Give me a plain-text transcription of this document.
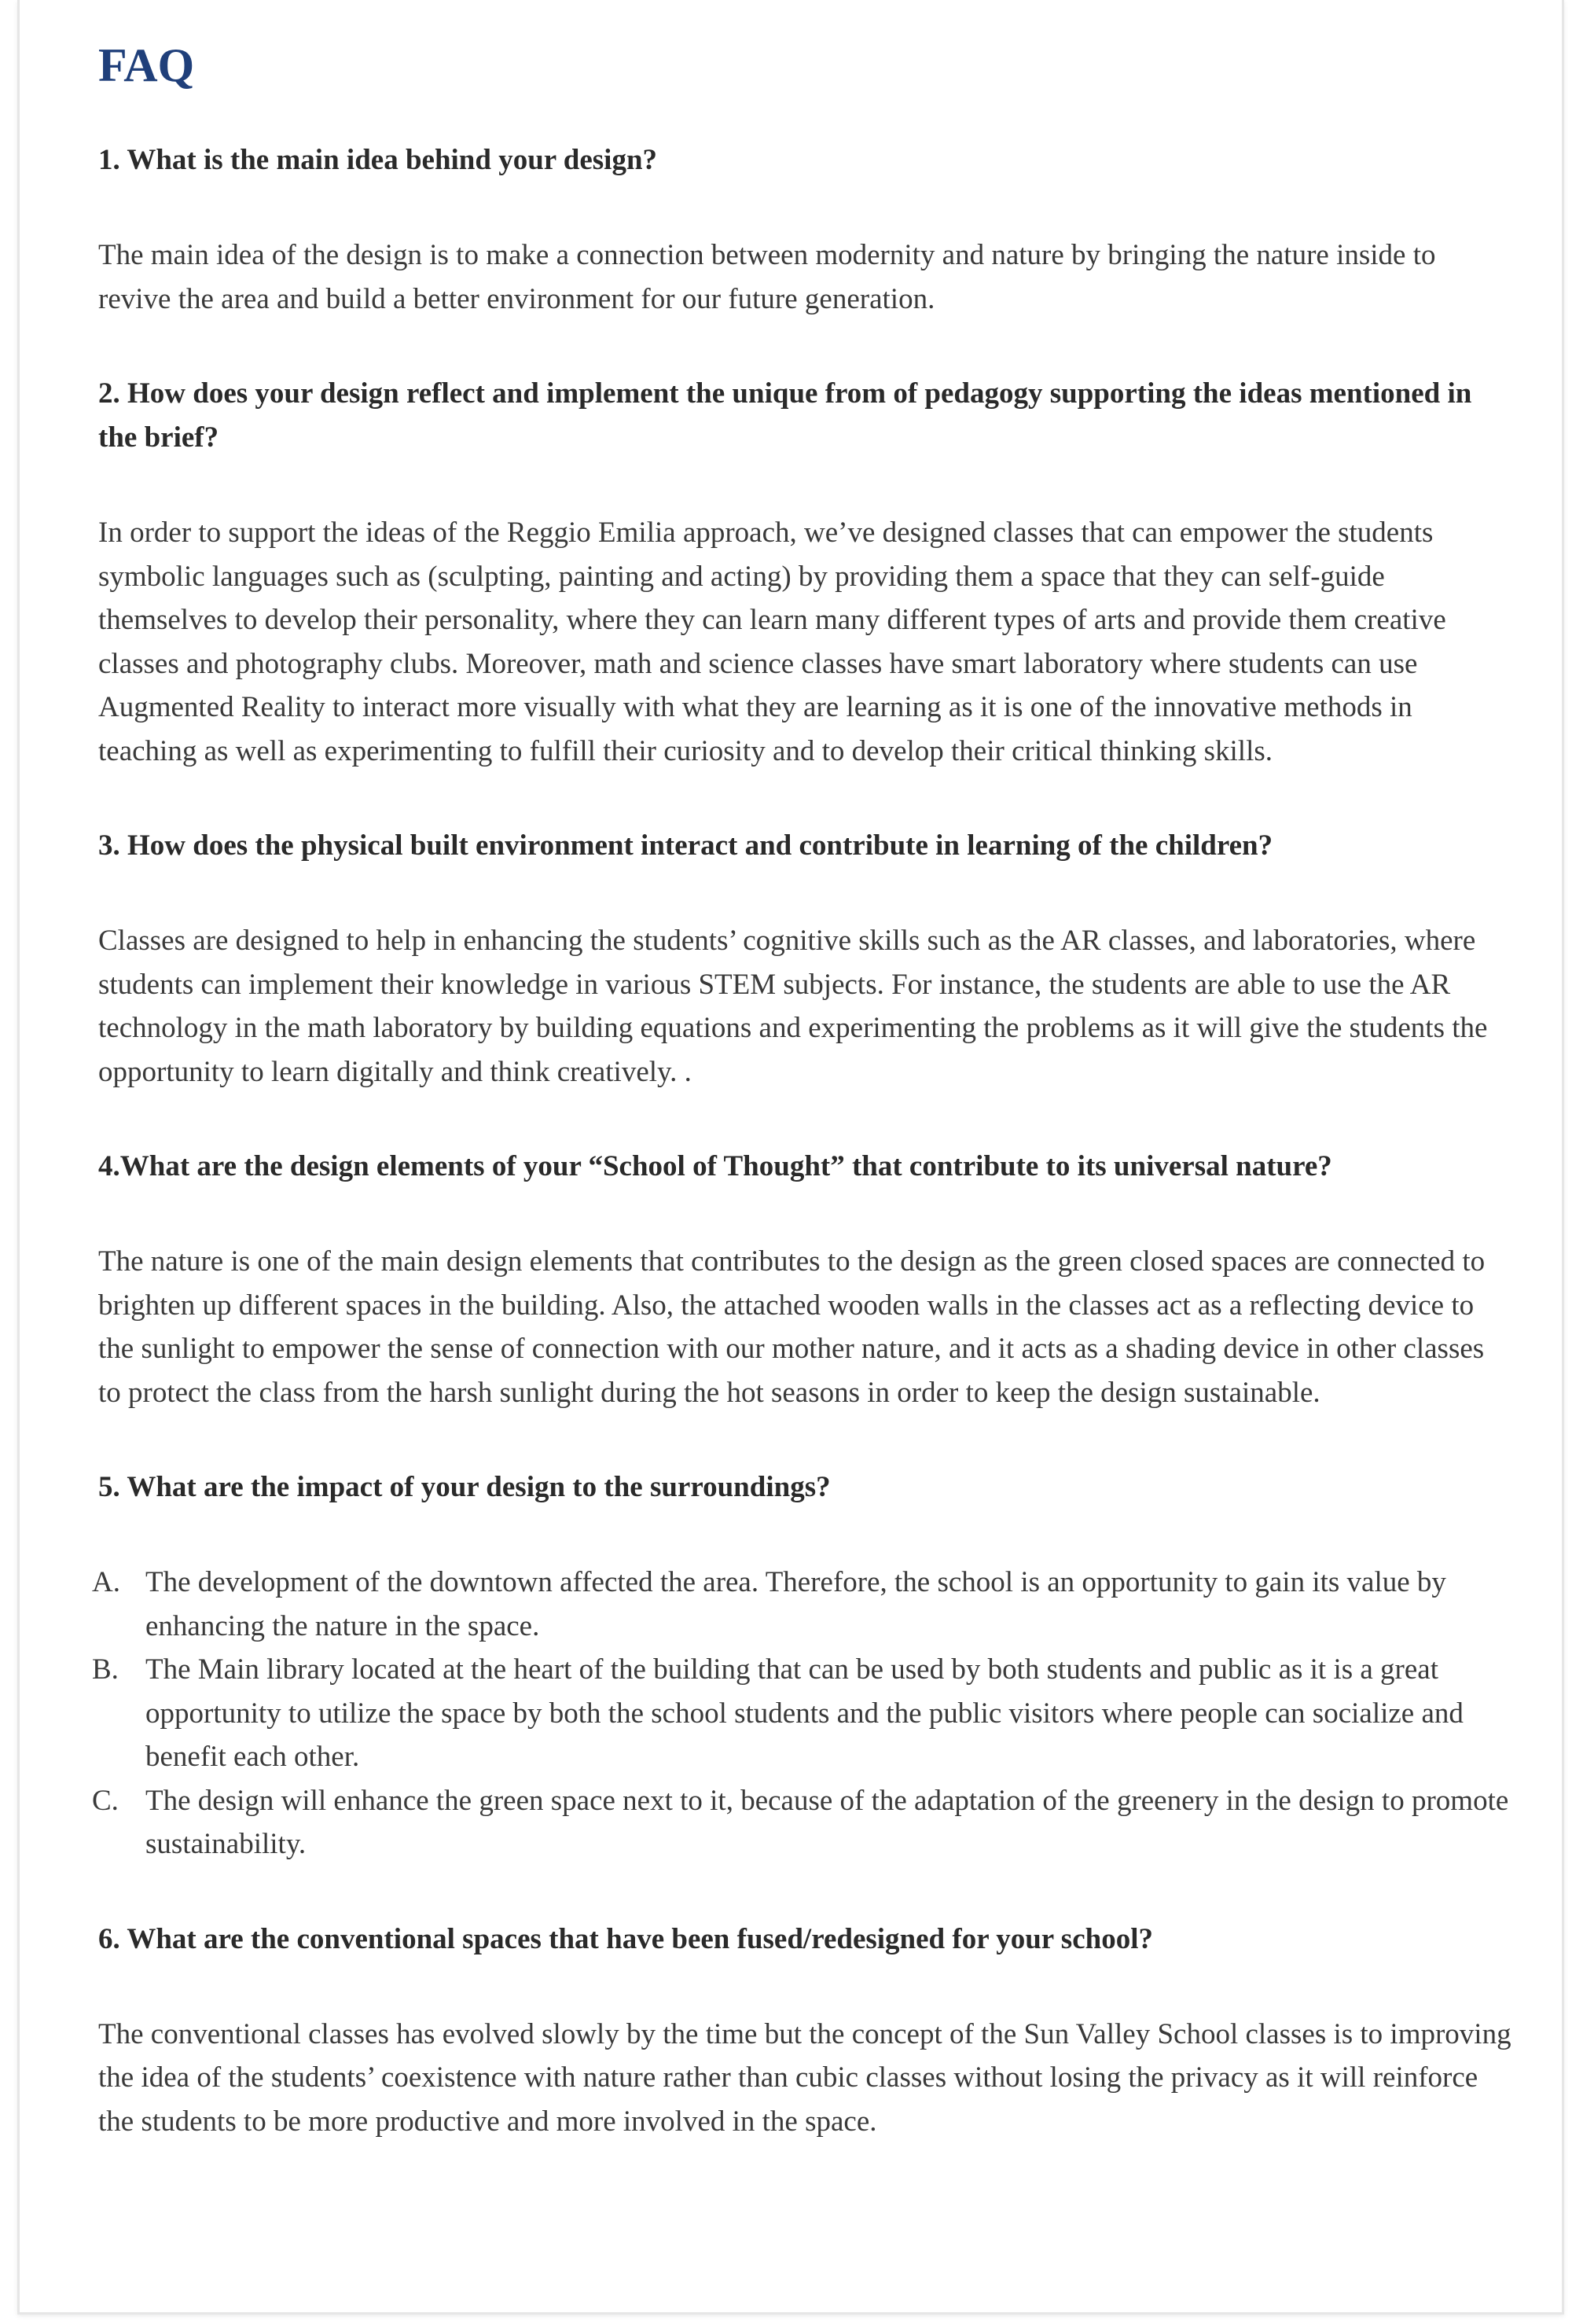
FAQ

1. What is the main idea behind your design?

The main idea of the design is to make a connection between modernity and nature by bringing the nature inside to revive the area and build a better environment for our future generation.

2. How does your design reflect and implement the unique from of pedagogy supporting the ideas mentioned in the brief?

In order to support the ideas of the Reggio Emilia approach, we’ve designed classes that can empower the students symbolic languages such as (sculpting, painting and acting) by providing them a space that they can self-guide themselves to develop their personality, where they can learn many different types of arts and provide them creative classes and photography clubs. Moreover, math and science classes have smart laboratory where students can use Augmented Reality to interact more visually with what they are learning as it is one of the innovative methods in teaching as well as experimenting to fulfill their curiosity and to develop their critical thinking skills.

3. How does the physical built environment interact and contribute in learning of the children?

Classes are designed to help in enhancing the students’ cognitive skills such as the AR classes, and laboratories, where students can implement their knowledge in various STEM subjects. For instance, the students are able to use the AR technology in the math laboratory by building equations and experimenting the problems as it will give the students the opportunity to learn digitally and think creatively. .

4.What are the design elements of your “School of Thought” that contribute to its universal nature?

The nature is one of the main design elements that contributes to the design as the green closed spaces are connected to brighten up different spaces in the building. Also, the attached wooden walls in the classes act as a reflecting device to the sunlight to empower the sense of connection with our mother nature, and it acts as a shading device in other classes to protect the class from the harsh sunlight during the hot seasons in order to keep the design sustainable.

5. What are the impact of your design to the surroundings?

A. The development of the downtown affected the area. Therefore, the school is an opportunity to gain its value by enhancing the nature in the space.
B. The Main library located at the heart of the building that can be used by both students and public as it is a great opportunity to utilize the space by both the school students and the public visitors where people can socialize and benefit each other.
C. The design will enhance the green space next to it, because of the adaptation of the greenery in the design to promote sustainability.

6. What are the conventional spaces that have been fused/redesigned for your school?

The conventional classes has evolved slowly by the time but the concept of the Sun Valley School classes is to improving the idea of the students’ coexistence with nature rather than cubic classes without losing the privacy as it will reinforce the students to be more productive and more involved in the space.
